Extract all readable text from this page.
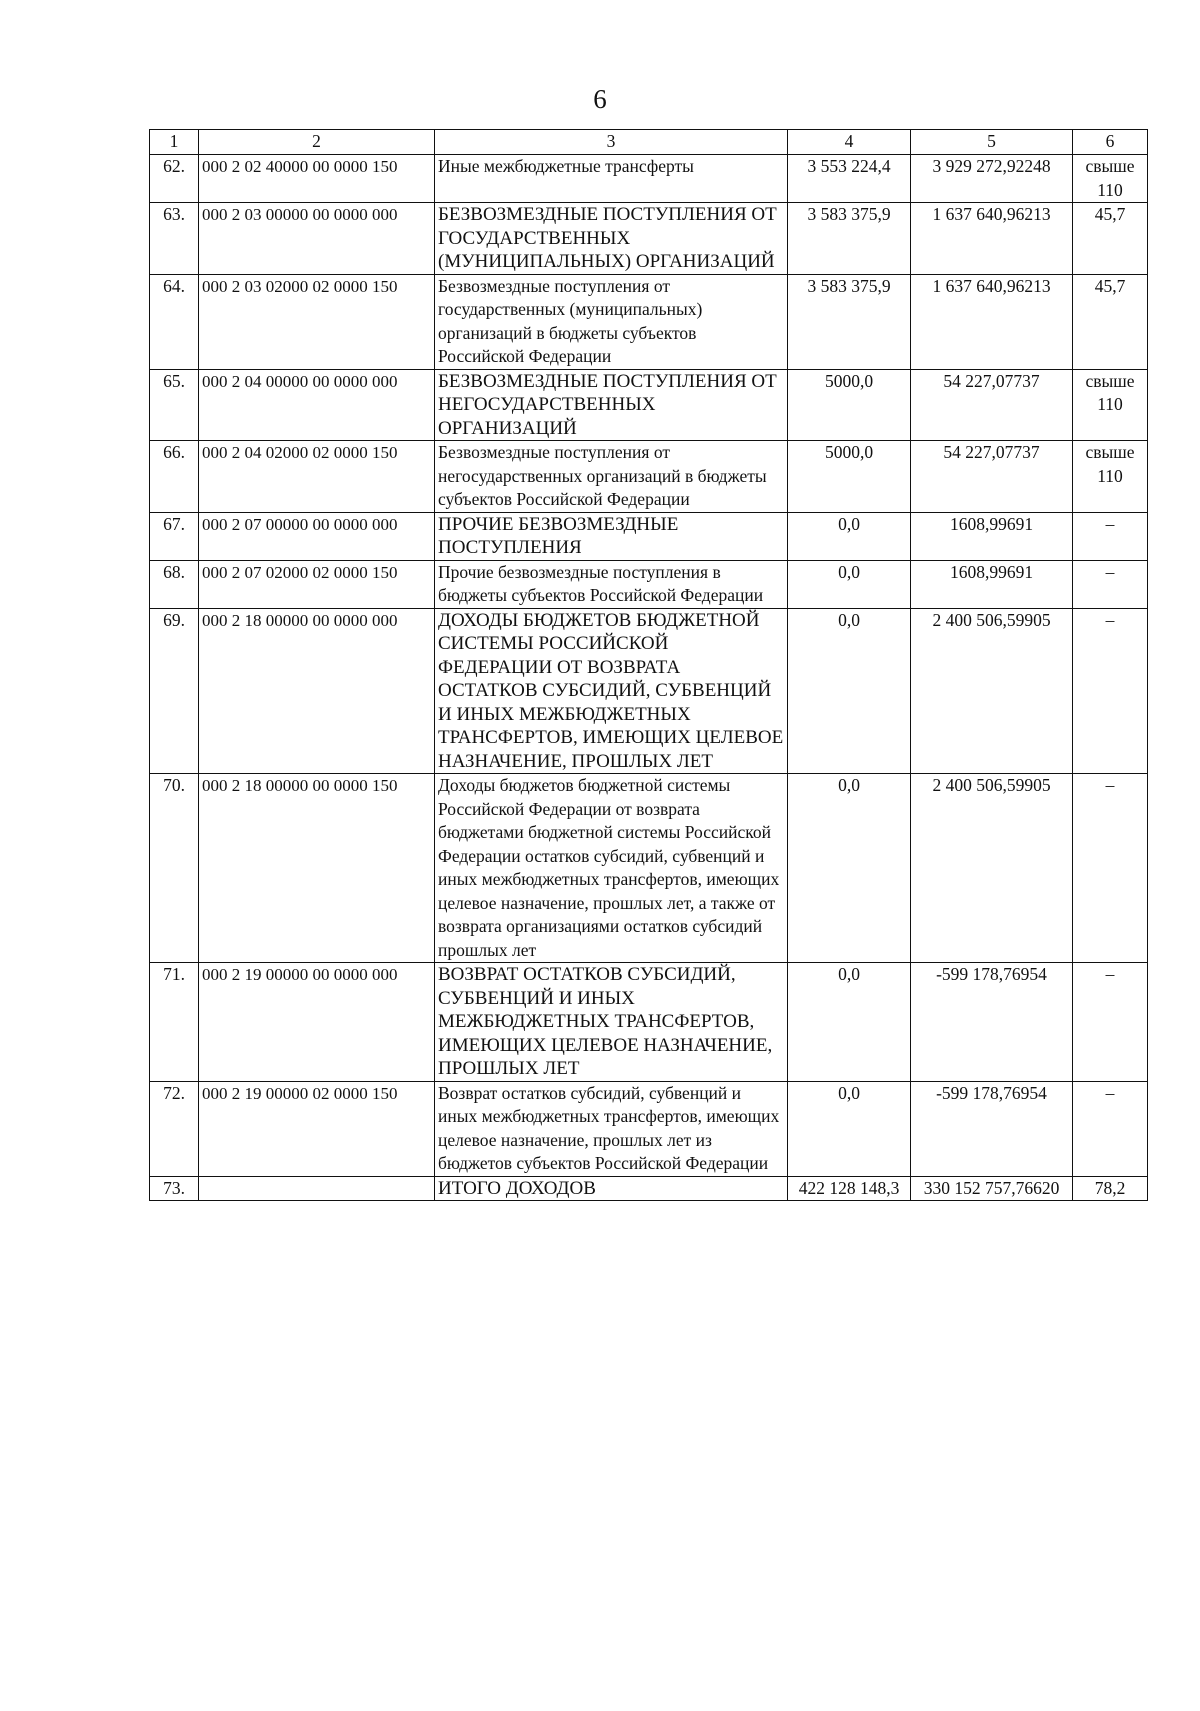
6
1	2	3	4	5	6
62.	000 2 02 40000 00 0000 150	Иные межбюджетные трансферты	3 553 224,4	3 929 272,92248	свыше 110
63.	000 2 03 00000 00 0000 000	БЕЗВОЗМЕЗДНЫЕ ПОСТУПЛЕНИЯ ОТ ГОСУДАРСТВЕННЫХ (МУНИЦИПАЛЬНЫХ) ОРГАНИЗАЦИЙ	3 583 375,9	1 637 640,96213	45,7
64.	000 2 03 02000 02 0000 150	Безвозмездные поступления от государственных (муниципальных) организаций в бюджеты субъектов Российской Федерации	3 583 375,9	1 637 640,96213	45,7
65.	000 2 04 00000 00 0000 000	БЕЗВОЗМЕЗДНЫЕ ПОСТУПЛЕНИЯ ОТ НЕГОСУДАРСТВЕННЫХ ОРГАНИЗАЦИЙ	5000,0	54 227,07737	свыше 110
66.	000 2 04 02000 02 0000 150	Безвозмездные поступления от негосударственных организаций в бюджеты субъектов Российской Федерации	5000,0	54 227,07737	свыше 110
67.	000 2 07 00000 00 0000 000	ПРОЧИЕ БЕЗВОЗМЕЗДНЫЕ ПОСТУПЛЕНИЯ	0,0	1608,99691	–
68.	000 2 07 02000 02 0000 150	Прочие безвозмездные поступления в бюджеты субъектов Российской Федерации	0,0	1608,99691	–
69.	000 2 18 00000 00 0000 000	ДОХОДЫ БЮДЖЕТОВ БЮДЖЕТНОЙ СИСТЕМЫ РОССИЙСКОЙ ФЕДЕРАЦИИ ОТ ВОЗВРАТА ОСТАТКОВ СУБСИДИЙ, СУБВЕНЦИЙ И ИНЫХ МЕЖБЮДЖЕТНЫХ ТРАНСФЕРТОВ, ИМЕЮЩИХ ЦЕЛЕВОЕ НАЗНАЧЕНИЕ, ПРОШЛЫХ ЛЕТ	0,0	2 400 506,59905	–
70.	000 2 18 00000 00 0000 150	Доходы бюджетов бюджетной системы Российской Федерации от возврата бюджетами бюджетной системы Российской Федерации остатков субсидий, субвенций и иных межбюджетных трансфертов, имеющих целевое назначение, прошлых лет, а также от возврата организациями остатков субсидий прошлых лет	0,0	2 400 506,59905	–
71.	000 2 19 00000 00 0000 000	ВОЗВРАТ ОСТАТКОВ СУБСИДИЙ, СУБВЕНЦИЙ И ИНЫХ МЕЖБЮДЖЕТНЫХ ТРАНСФЕРТОВ, ИМЕЮЩИХ ЦЕЛЕВОЕ НАЗНАЧЕНИЕ, ПРОШЛЫХ ЛЕТ	0,0	-599 178,76954	–
72.	000 2 19 00000 02 0000 150	Возврат остатков субсидий, субвенций и иных межбюджетных трансфертов, имеющих целевое назначение, прошлых лет из бюджетов субъектов Российской Федерации	0,0	-599 178,76954	–
73.		ИТОГО ДОХОДОВ	422 128 148,3	330 152 757,76620	78,2
